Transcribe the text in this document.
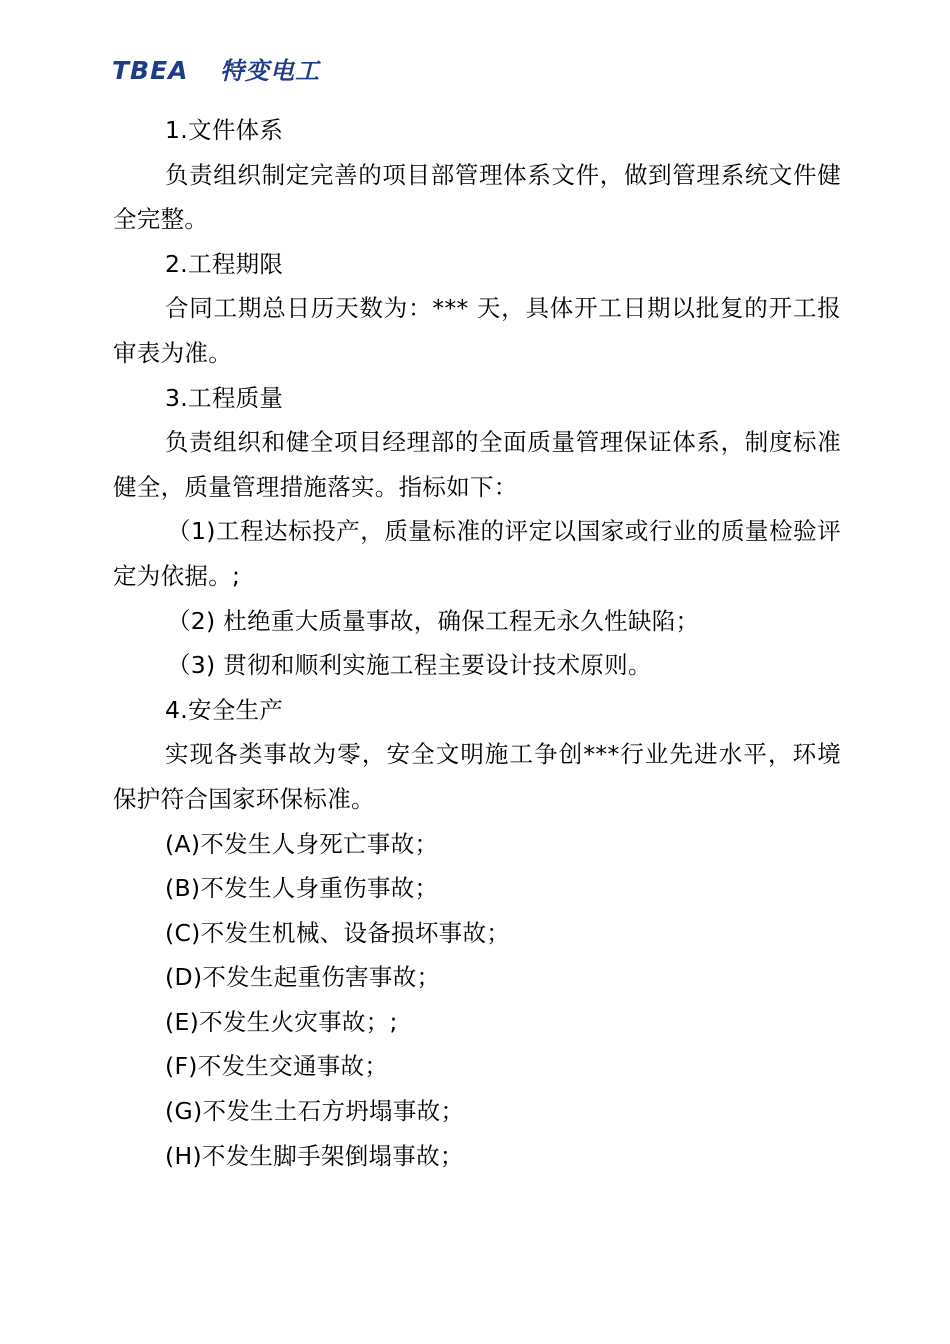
TBEA 特变电工

1.文件体系

负责组织制定完善的项目部管理体系文件，做到管理系统文件健全完整。

2.工程期限

合同工期总日历天数为：*** 天，具体开工日期以批复的开工报审表为准。

3.工程质量

负责组织和健全项目经理部的全面质量管理保证体系，制度标准健全，质量管理措施落实。指标如下：

（1)工程达标投产，质量标准的评定以国家或行业的质量检验评定为依据。;

（2) 杜绝重大质量事故，确保工程无永久性缺陷；

（3) 贯彻和顺利实施工程主要设计技术原则。

4.安全生产

实现各类事故为零，安全文明施工争创***行业先进水平，环境保护符合国家环保标准。

(A)不发生人身死亡事故；

(B)不发生人身重伤事故；

(C)不发生机械、设备损坏事故；

(D)不发生起重伤害事故；

(E)不发生火灾事故；;

(F)不发生交通事故；

(G)不发生土石方坍塌事故；

(H)不发生脚手架倒塌事故；
